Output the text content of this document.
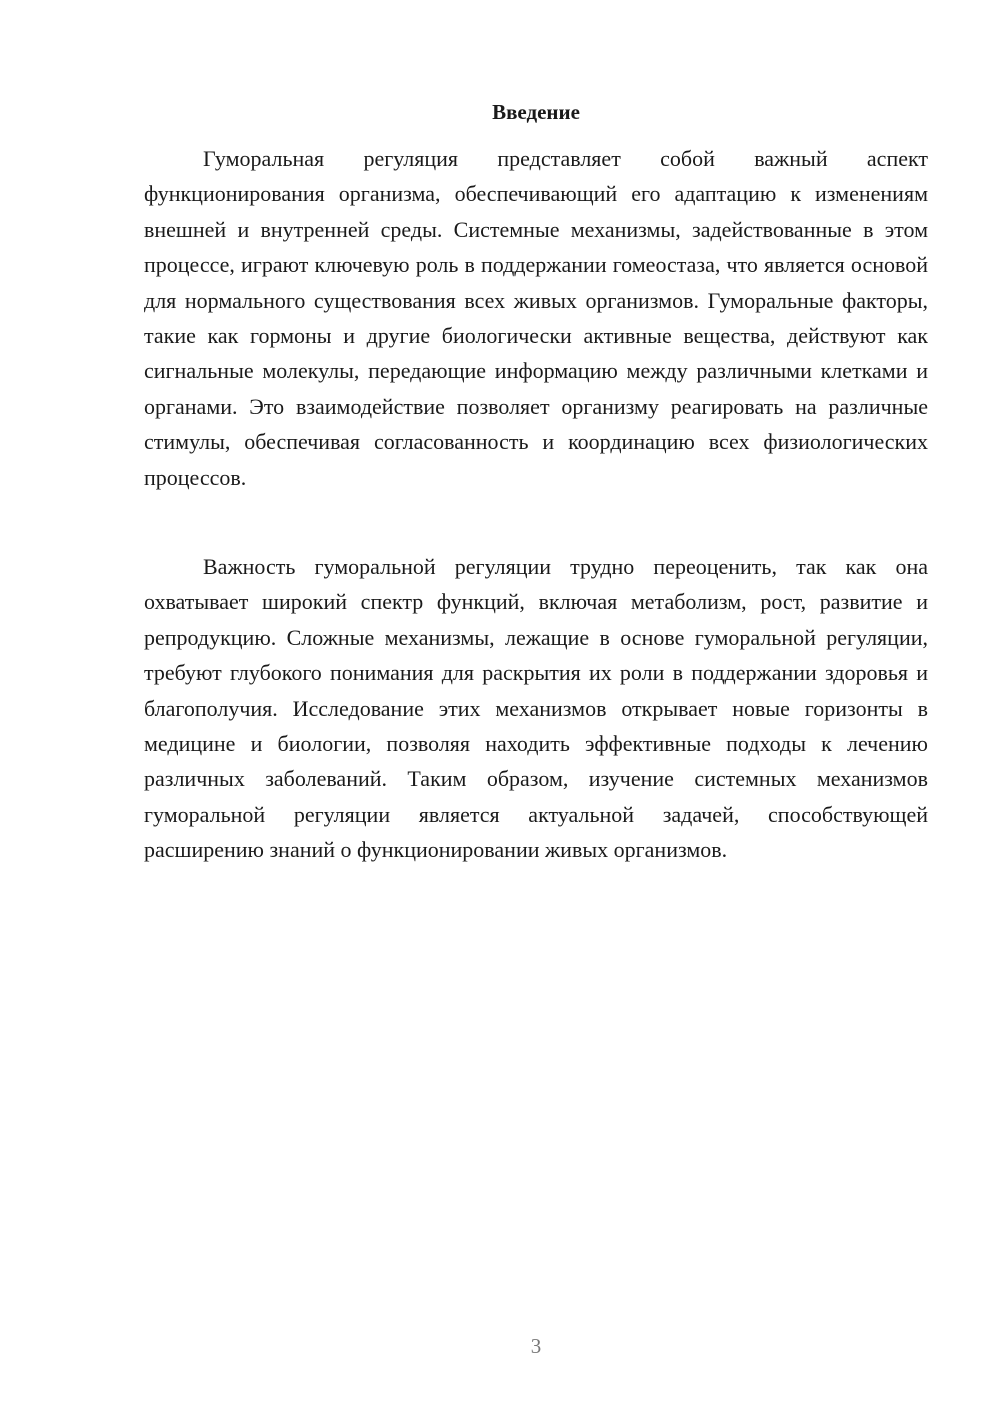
Введение

Гуморальная регуляция представляет собой важный аспект функционирования организма, обеспечивающий его адаптацию к изменениям внешней и внутренней среды. Системные механизмы, задействованные в этом процессе, играют ключевую роль в поддержании гомеостаза, что является основой для нормального существования всех живых организмов. Гуморальные факторы, такие как гормоны и другие биологически активные вещества, действуют как сигнальные молекулы, передающие информацию между различными клетками и органами. Это взаимодействие позволяет организму реагировать на различные стимулы, обеспечивая согласованность и координацию всех физиологических процессов.

Важность гуморальной регуляции трудно переоценить, так как она охватывает широкий спектр функций, включая метаболизм, рост, развитие и репродукцию. Сложные механизмы, лежащие в основе гуморальной регуляции, требуют глубокого понимания для раскрытия их роли в поддержании здоровья и благополучия. Исследование этих механизмов открывает новые горизонты в медицине и биологии, позволяя находить эффективные подходы к лечению различных заболеваний. Таким образом, изучение системных механизмов гуморальной регуляции является актуальной задачей, способствующей расширению знаний о функционировании живых организмов.

3
